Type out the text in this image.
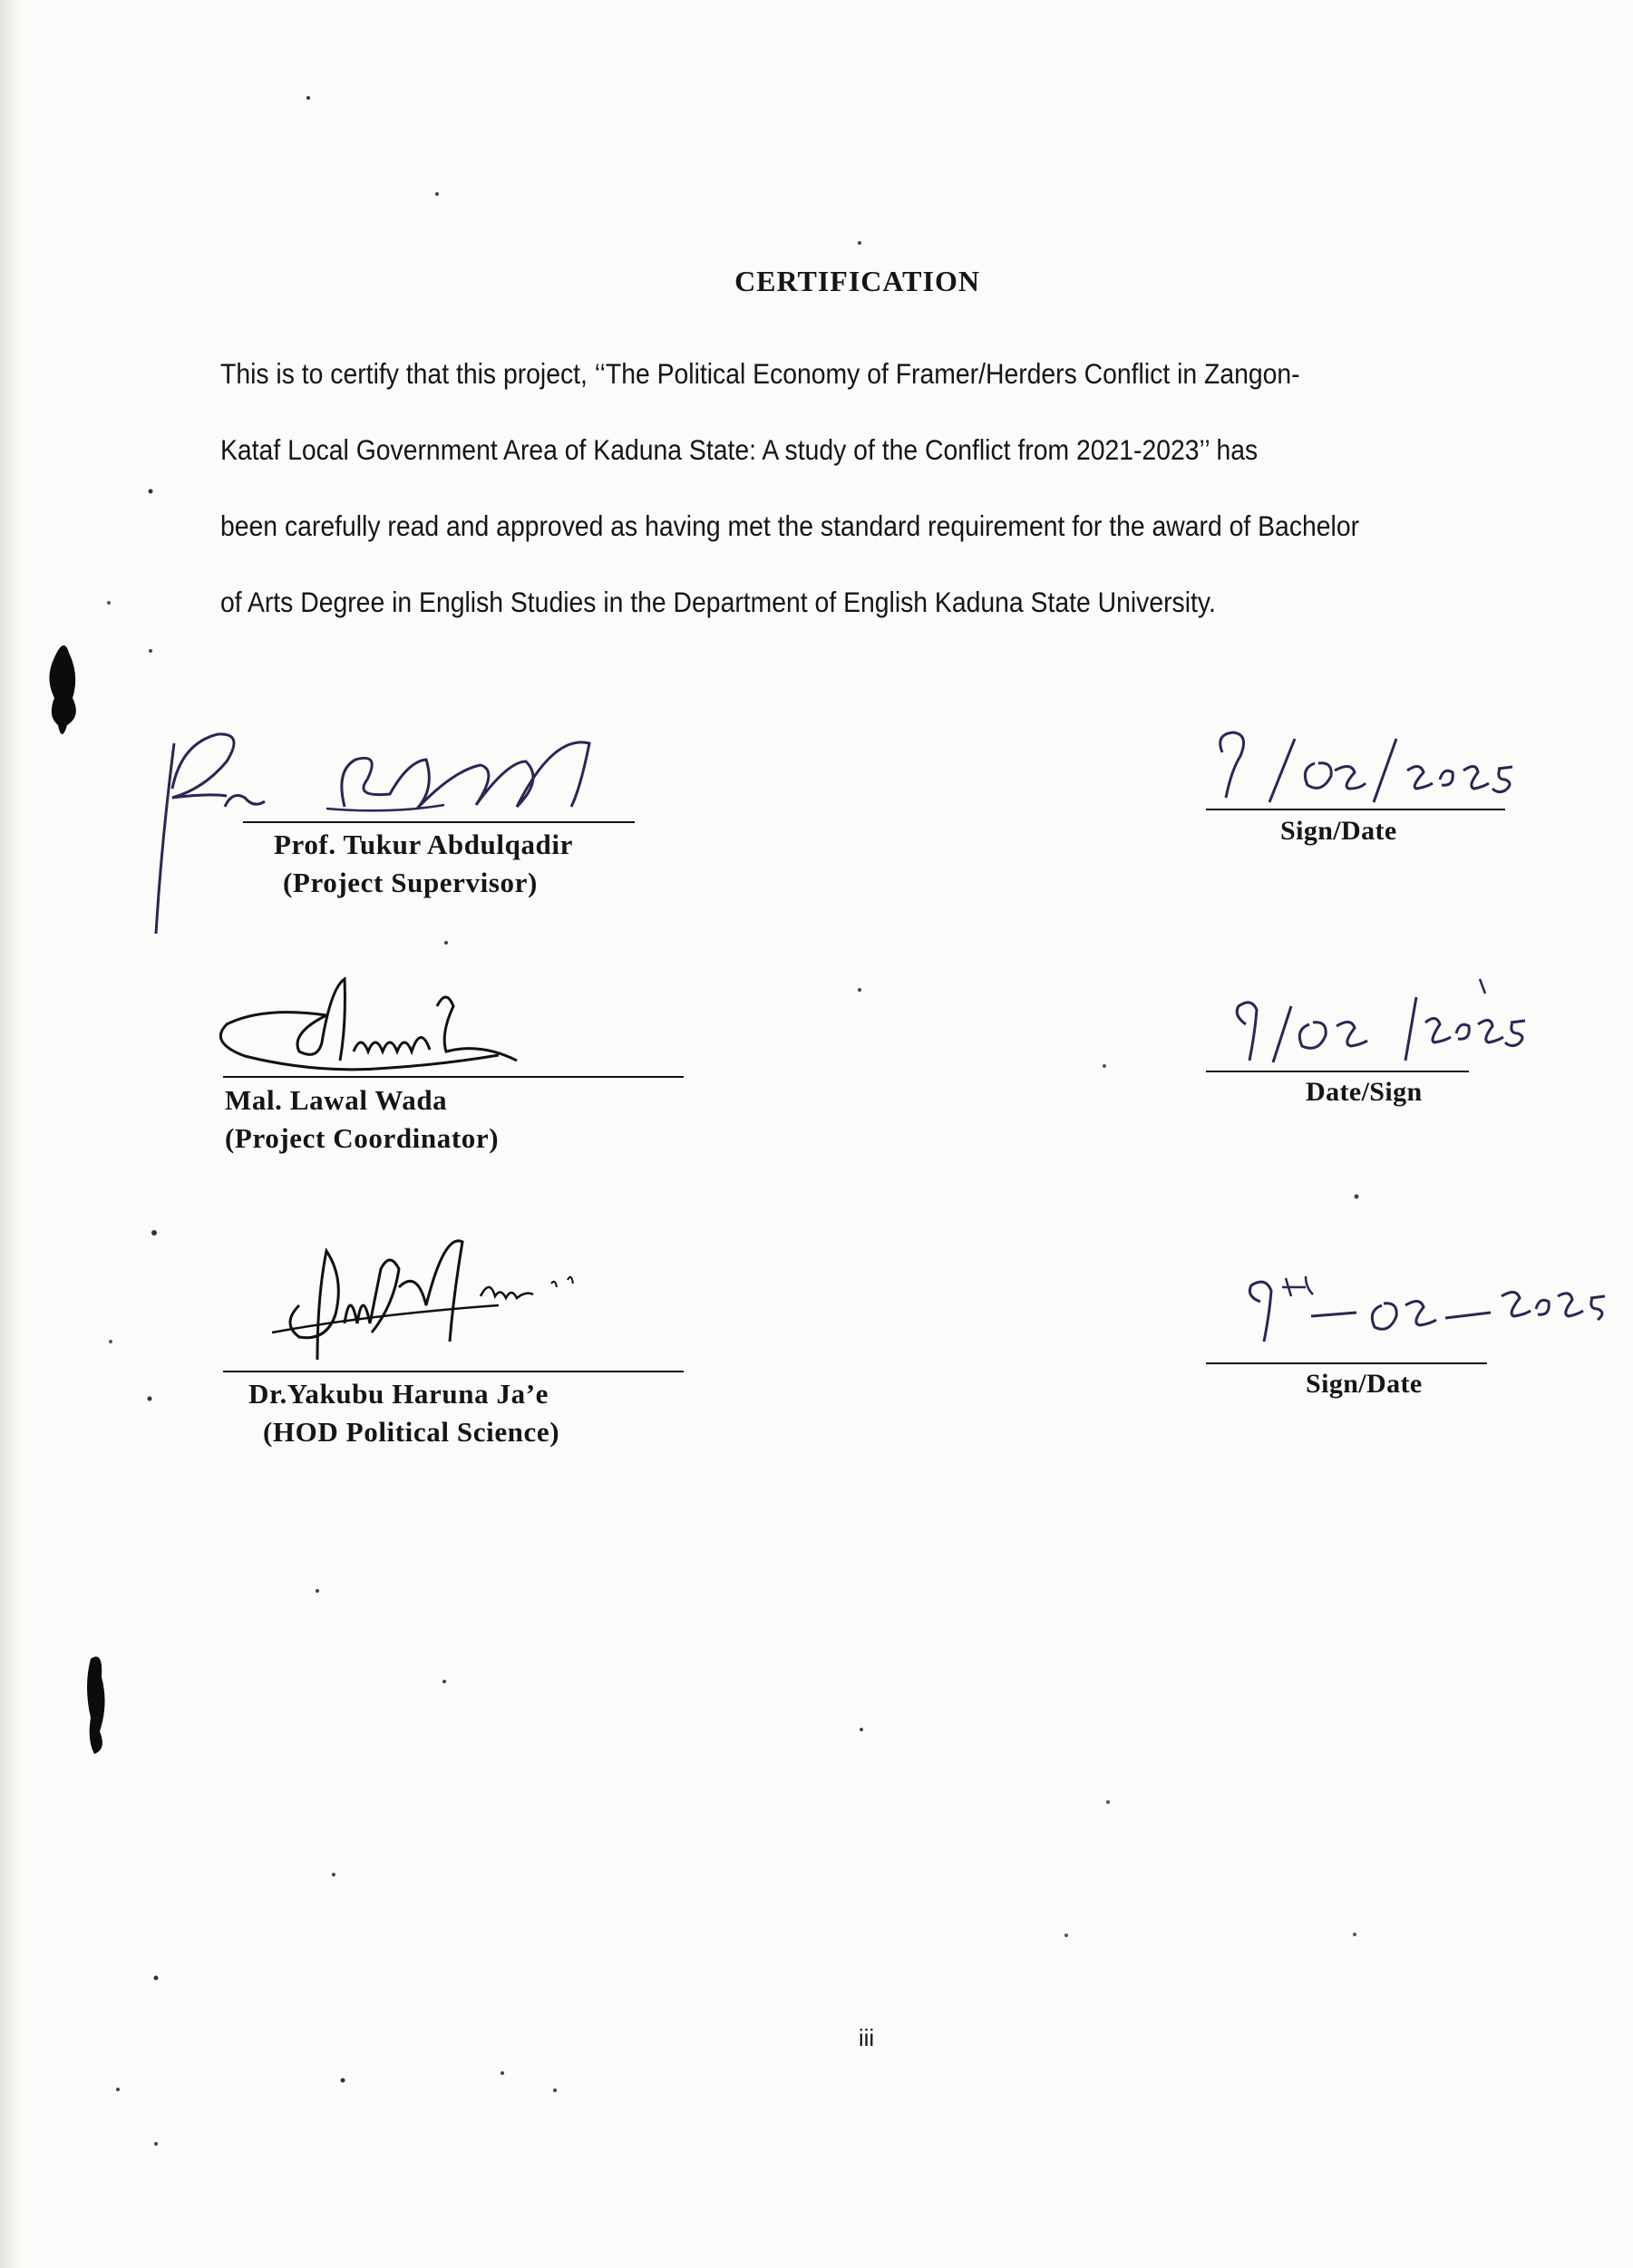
CERTIFICATION
This is to certify that this project, ‘‘The Political Economy of Framer/Herders Conflict in Zangon-
Kataf Local Government Area of Kaduna State: A study of the Conflict from 2021-2023’’ has
been carefully read and approved as having met the standard requirement for the award of Bachelor
of Arts Degree in English Studies in the Department of English Kaduna State University.
Prof. Tukur Abdulqadir
(Project Supervisor)
Sign/Date
Mal. Lawal Wada
(Project Coordinator)
Date/Sign
Dr.Yakubu Haruna Ja’e
(HOD Political Science)
Sign/Date
iii
